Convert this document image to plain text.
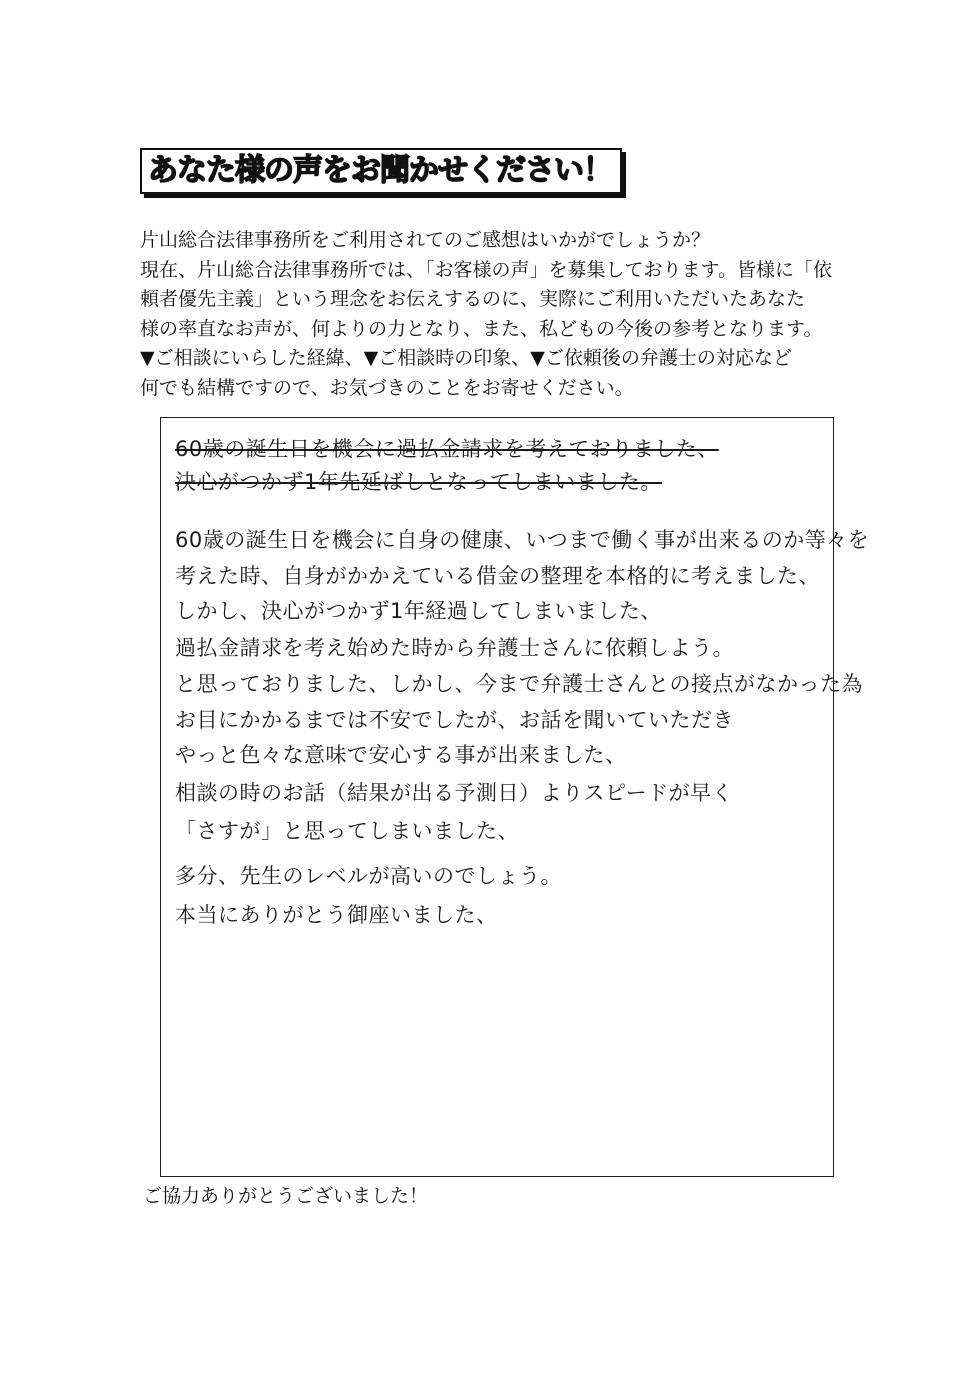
あなた様の声をお聞かせください！
片山総合法律事務所をご利用されてのご感想はいかがでしょうか？
現在、片山総合法律事務所では、「お客様の声」を募集しております。皆様に「依
頼者優先主義」という理念をお伝えするのに、実際にご利用いただいたあなた
様の率直なお声が、何よりの力となり、また、私どもの今後の参考となります。
▼ご相談にいらした経緯、▼ご相談時の印象、▼ご依頼後の弁護士の対応など
何でも結構ですので、お気づきのことをお寄せください。
60歳の誕生日を機会に過払金請求を考えておりました、
決心がつかず1年先延ばしとなってしまいました。
60歳の誕生日を機会に自身の健康、いつまで働く事が出来るのか等々を
考えた時、自身がかかえている借金の整理を本格的に考えました、
しかし、決心がつかず1年経過してしまいました、
過払金請求を考え始めた時から弁護士さんに依頼しよう。
と思っておりました、しかし、今まで弁護士さんとの接点がなかった為
お目にかかるまでは不安でしたが、お話を聞いていただき
やっと色々な意味で安心する事が出来ました、
相談の時のお話（結果が出る予測日）よりスピードが早く
「さすが」と思ってしまいました、
多分、先生のレベルが高いのでしょう。
本当にありがとう御座いました、
ご協力ありがとうございました！
